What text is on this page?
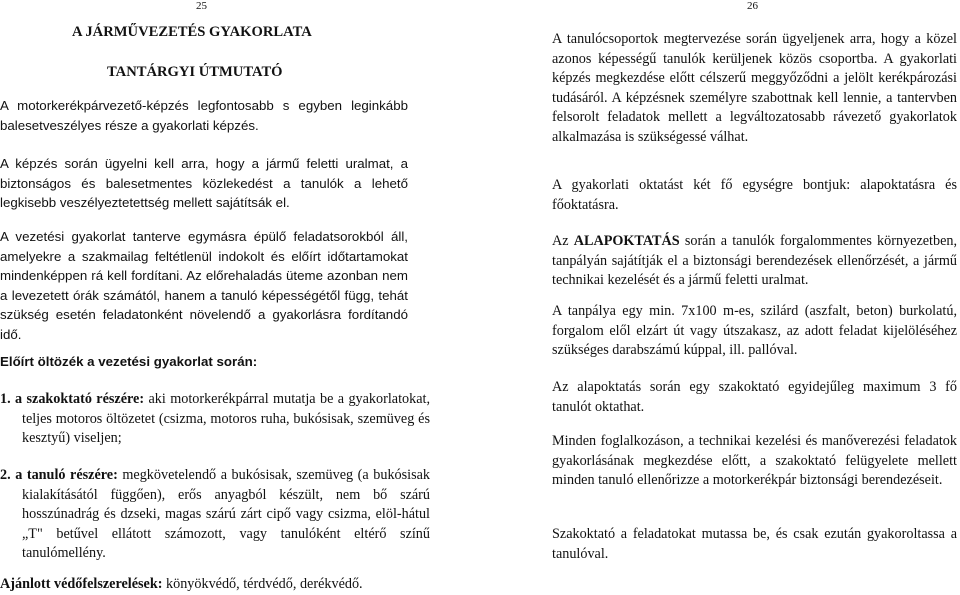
25
A JÁRMŰVEZETÉS GYAKORLATA
TANTÁRGYI ÚTMUTATÓ
A motorkerékpárvezető-képzés legfontosabb s egyben leginkább balesetveszélyes része a gyakorlati képzés.
A képzés során ügyelni kell arra, hogy a jármű feletti uralmat, a biztonságos és balesetmentes közlekedést a tanulók a lehető legkisebb veszélyeztetettség mellett sajátítsák el.
A vezetési gyakorlat tanterve egymásra épülő feladatsorokból áll, amelyekre a szakmailag feltétlenül indokolt és előírt időtartamokat mindenképpen rá kell fordítani. Az előrehaladás üteme azonban nem a levezetett órák számától, hanem a tanuló képességétől függ, tehát szükség esetén feladatonként növelendő a gyakorlásra fordítandó idő.
Előírt öltözék a vezetési gyakorlat során:
1. a szakoktató részére: aki motorkerékpárral mutatja be a gyakorlatokat, teljes motoros öltözetet (csizma, motoros ruha, bukósisak, szemüveg és kesztyű) viseljen;
2. a tanuló részére: megkövetelendő a bukósisak, szemüveg (a bukósisak kialakításától függően), erős anyagból készült, nem bő szárú hosszúnadrág és dzseki, magas szárú zárt cipő vagy csizma, elöl-hátul „T" betűvel ellátott számozott, vagy tanulóként eltérő színű tanulómellény.
Ajánlott védőfelszerelések: könyökvédő, térdvédő, derékvédő.
26
A tanulócsoportok megtervezése során ügyeljenek arra, hogy a közel azonos képességű tanulók kerüljenek közös csoportba. A gyakorlati képzés megkezdése előtt célszerű meggyőződni a jelölt kerékpározási tudásáról. A képzésnek személyre szabottnak kell lennie, a tantervben felsorolt feladatok mellett a legváltozatosabb rávezető gyakorlatok alkalmazása is szükségessé válhat.
A gyakorlati oktatást két fő egységre bontjuk: alapoktatásra és főoktatásra.
Az ALAPOKTATÁS során a tanulók forgalommentes környezetben, tanpályán sajátítják el a biztonsági berendezések ellenőrzését, a jármű technikai kezelését és a jármű feletti uralmat.
A tanpálya egy min. 7x100 m-es, szilárd (aszfalt, beton) burkolatú, forgalom elől elzárt út vagy útszakasz, az adott feladat kijelöléséhez szükséges darabszámú kúppal, ill. pallóval.
Az alapoktatás során egy szakoktató egyidejűleg maximum 3 fő tanulót oktathat.
Minden foglalkozáson, a technikai kezelési és manőverezési feladatok gyakorlásának megkezdése előtt, a szakoktató felügyelete mellett minden tanuló ellenőrizze a motorkerékpár biztonsági berendezéseit.
Szakoktató a feladatokat mutassa be, és csak ezután gyakoroltassa a tanulóval.
